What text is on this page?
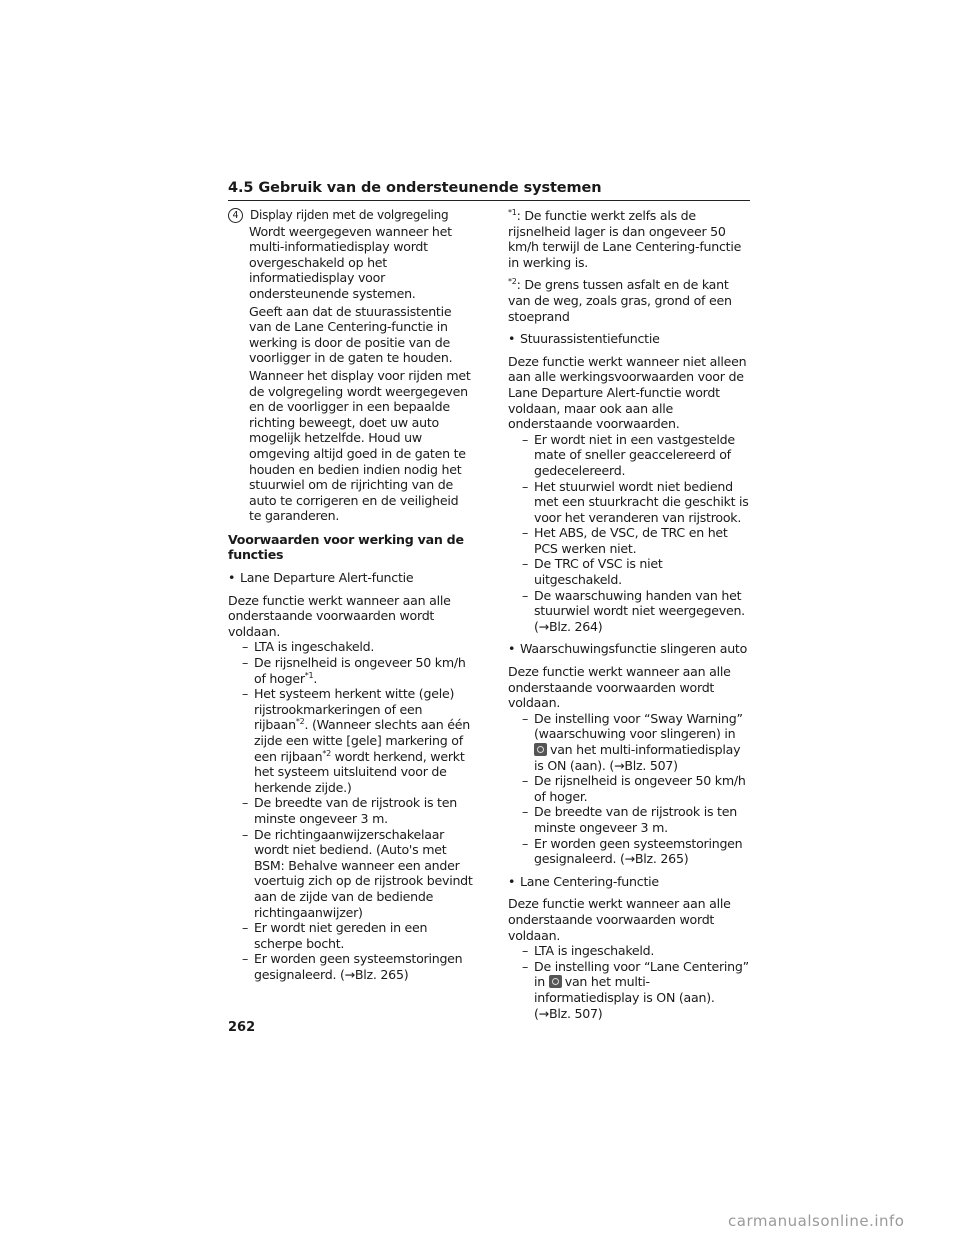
4.5 Gebruik van de ondersteunende systemen
4 Display rijden met de volgregeling
Wordt weergegeven wanneer het multi-informatiedisplay wordt overgeschakeld op het informatiedisplay voor ondersteunende systemen.
Geeft aan dat de stuurassistentie van de Lane Centering-functie in werking is door de positie van de voorligger in de gaten te houden.
Wanneer het display voor rijden met de volgregeling wordt weergegeven en de voorligger in een bepaalde richting beweegt, doet uw auto mogelijk hetzelfde. Houd uw omgeving altijd goed in de gaten te houden en bedien indien nodig het stuurwiel om de rijrichting van de auto te corrigeren en de veiligheid te garanderen.
Voorwaarden voor werking van de functies
• Lane Departure Alert-functie
Deze functie werkt wanneer aan alle onderstaande voorwaarden wordt voldaan.
– LTA is ingeschakeld.
– De rijsnelheid is ongeveer 50 km/h of hoger$^{*1}$.
– Het systeem herkent witte (gele) rijstrookmarkeringen of een rijbaan$^{*2}$. (Wanneer slechts aan één zijde een witte [gele] markering of een rijbaan$^{*2}$ wordt herkend, werkt het systeem uitsluitend voor de herkende zijde.)
– De breedte van de rijstrook is ten minste ongeveer 3 m.
– De richtingaanwijzerschakelaar wordt niet bediend. (Auto's met BSM: Behalve wanneer een ander voertuig zich op de rijstrook bevindt aan de zijde van de bediende richtingaanwijzer)
– Er wordt niet gereden in een scherpe bocht.
– Er worden geen systeemstoringen gesignaleerd. (→Blz. 265)
$^{*1}$: De functie werkt zelfs als de rijsnelheid lager is dan ongeveer 50 km/h terwijl de Lane Centering-functie in werking is.
$^{*2}$: De grens tussen asfalt en de kant van de weg, zoals gras, grond of een stoeprand
• Stuurassistentiefunctie
Deze functie werkt wanneer niet alleen aan alle werkingsvoorwaarden voor de Lane Departure Alert-functie wordt voldaan, maar ook aan alle onderstaande voorwaarden.
– Er wordt niet in een vastgestelde mate of sneller geaccelereerd of gedecelereerd.
– Het stuurwiel wordt niet bediend met een stuurkracht die geschikt is voor het veranderen van rijstrook.
– Het ABS, de VSC, de TRC en het PCS werken niet.
– De TRC of VSC is niet uitgeschakeld.
– De waarschuwing handen van het stuurwiel wordt niet weergegeven. (→Blz. 264)
• Waarschuwingsfunctie slingeren auto
Deze functie werkt wanneer aan alle onderstaande voorwaarden wordt voldaan.
– De instelling voor “Sway Warning” (waarschuwing voor slingeren) in van het multi-informatiedisplay is ON (aan). (→Blz. 507)
– De rijsnelheid is ongeveer 50 km/h of hoger.
– De breedte van de rijstrook is ten minste ongeveer 3 m.
– Er worden geen systeemstoringen gesignaleerd. (→Blz. 265)
• Lane Centering-functie
Deze functie werkt wanneer aan alle onderstaande voorwaarden wordt voldaan.
– LTA is ingeschakeld.
– De instelling voor “Lane Centering” in van het multi-informatiedisplay is ON (aan). (→Blz. 507)
262
carmanualsonline.info
